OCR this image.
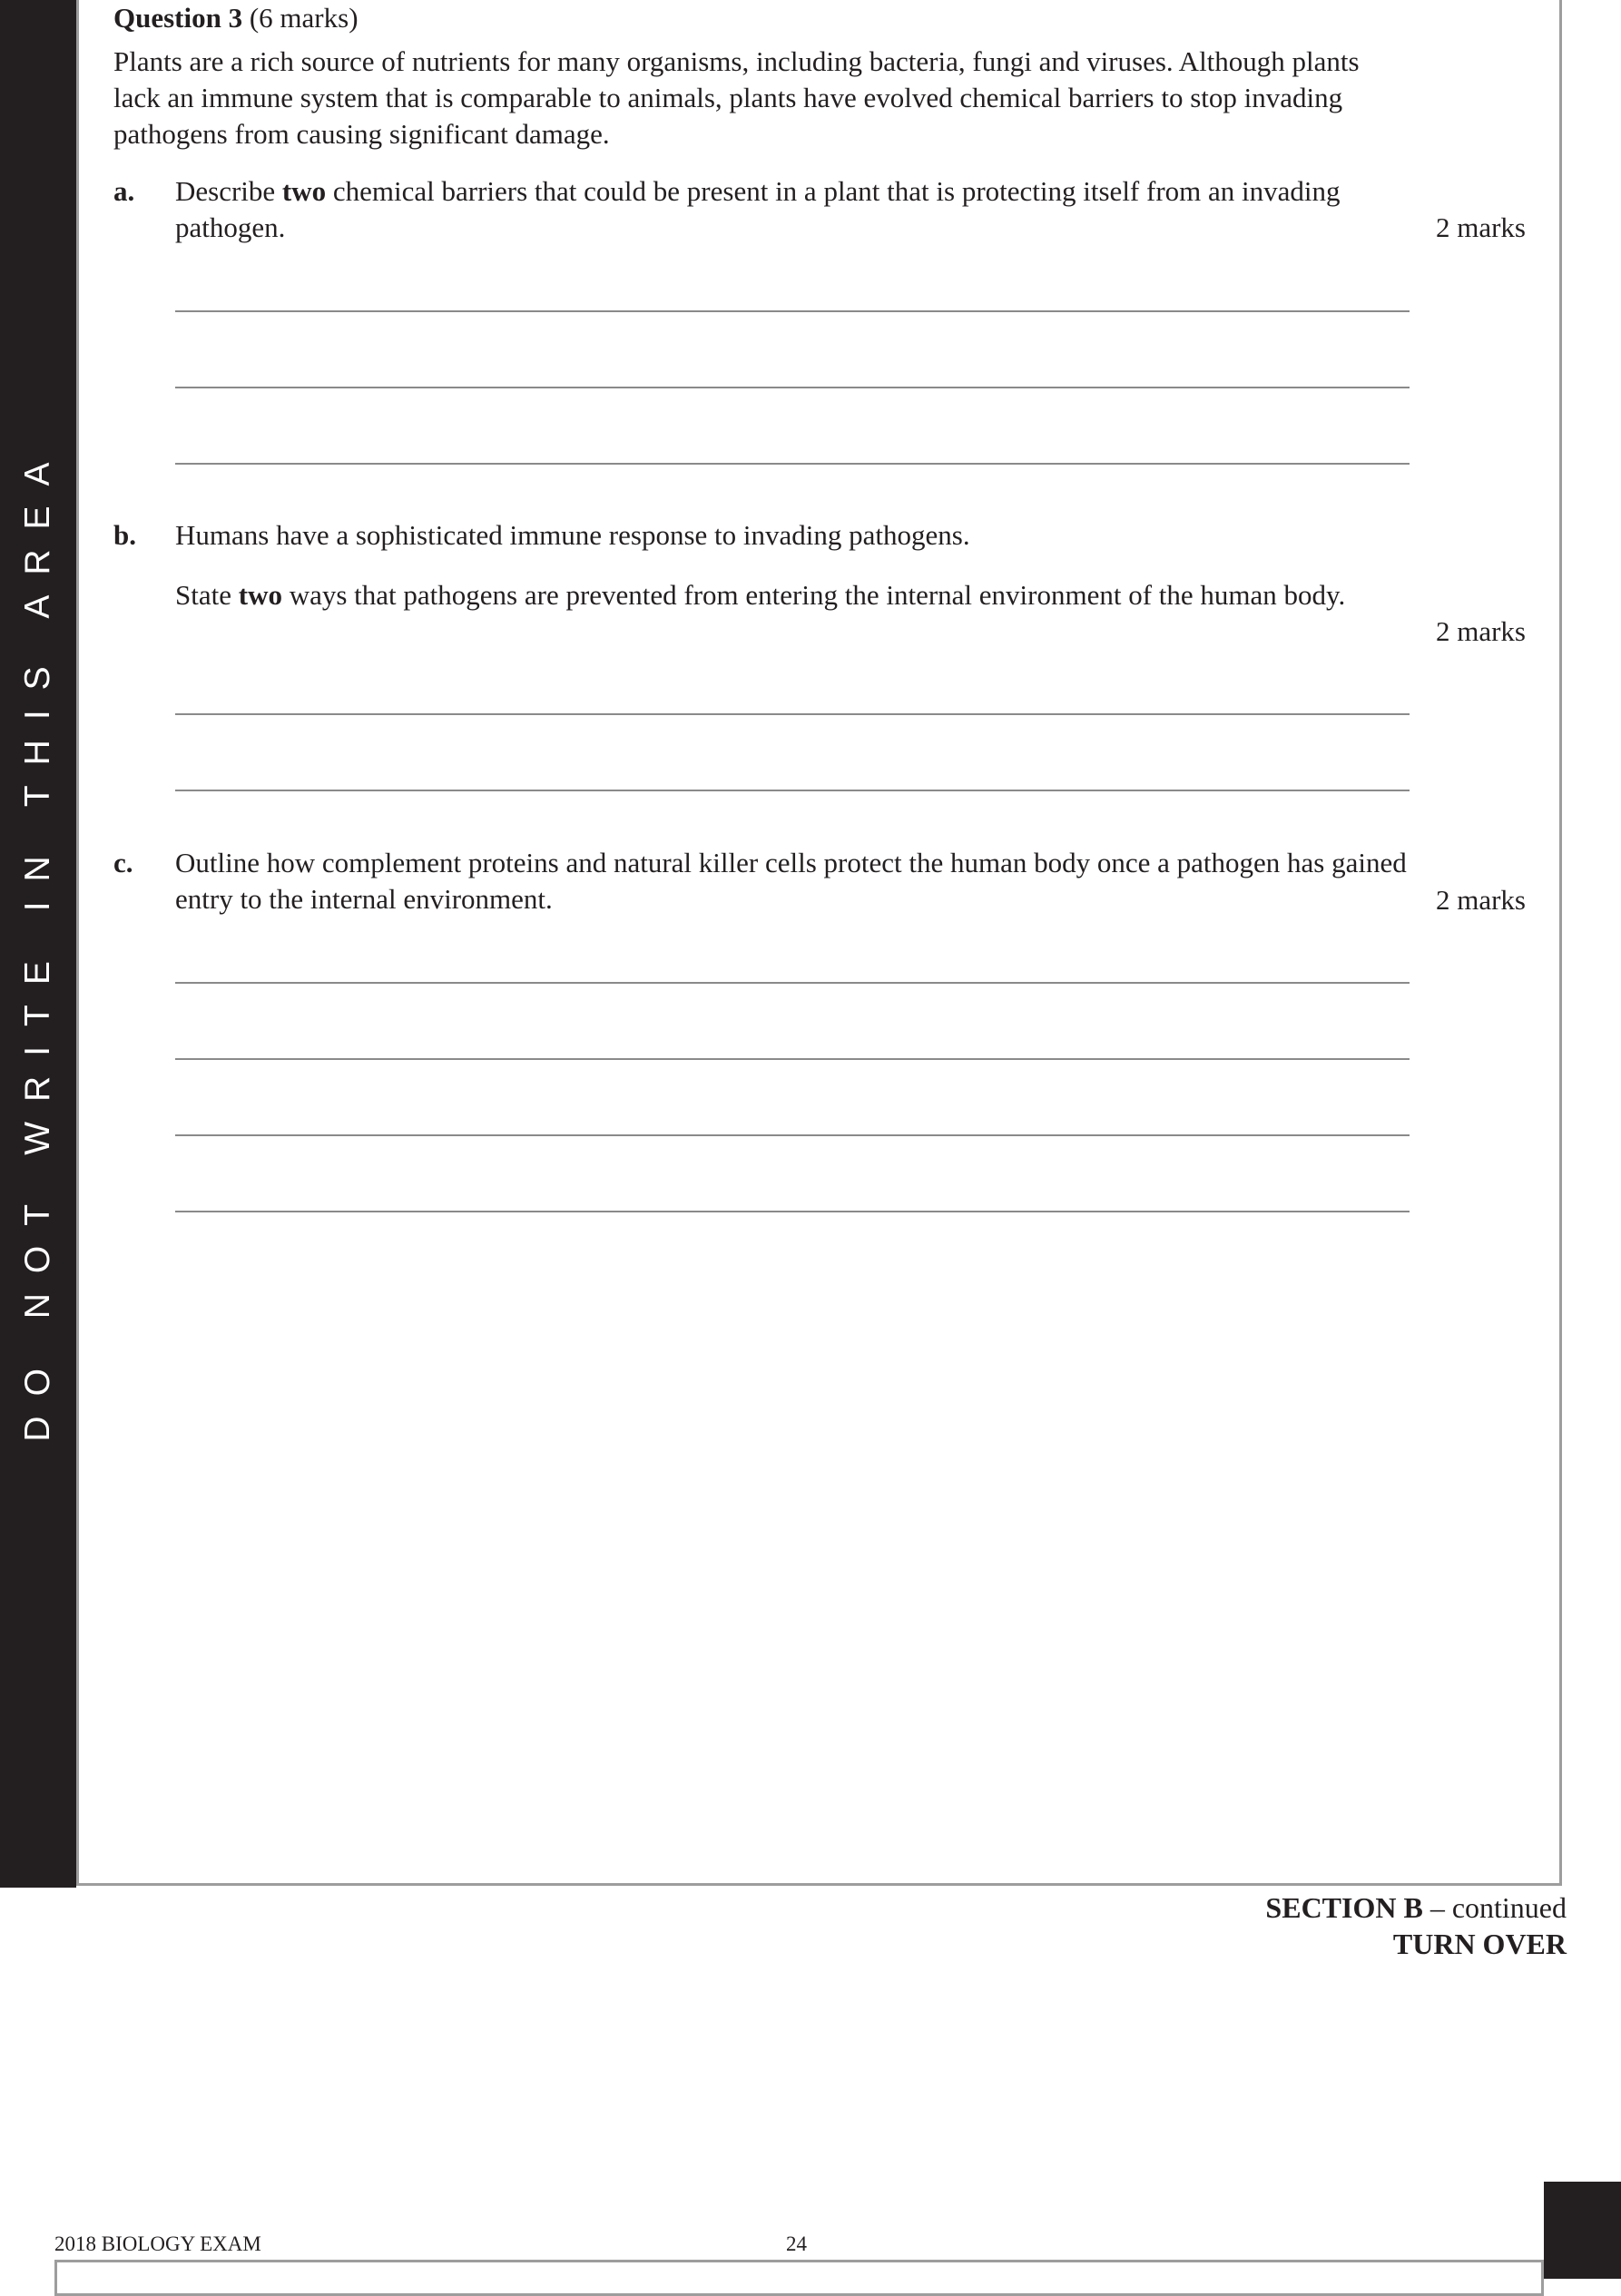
DO NOT WRITE IN THIS AREA
Question 3 (6 marks)
Plants are a rich source of nutrients for many organisms, including bacteria, fungi and viruses. Although plants lack an immune system that is comparable to animals, plants have evolved chemical barriers to stop invading pathogens from causing significant damage.
a. Describe two chemical barriers that could be present in a plant that is protecting itself from an invading pathogen.	2 marks
b. Humans have a sophisticated immune response to invading pathogens.
State two ways that pathogens are prevented from entering the internal environment of the human body.
2 marks
c. Outline how complement proteins and natural killer cells protect the human body once a pathogen has gained entry to the internal environment.	2 marks
SECTION B – continued
TURN OVER
2018 BIOLOGY EXAM	24
